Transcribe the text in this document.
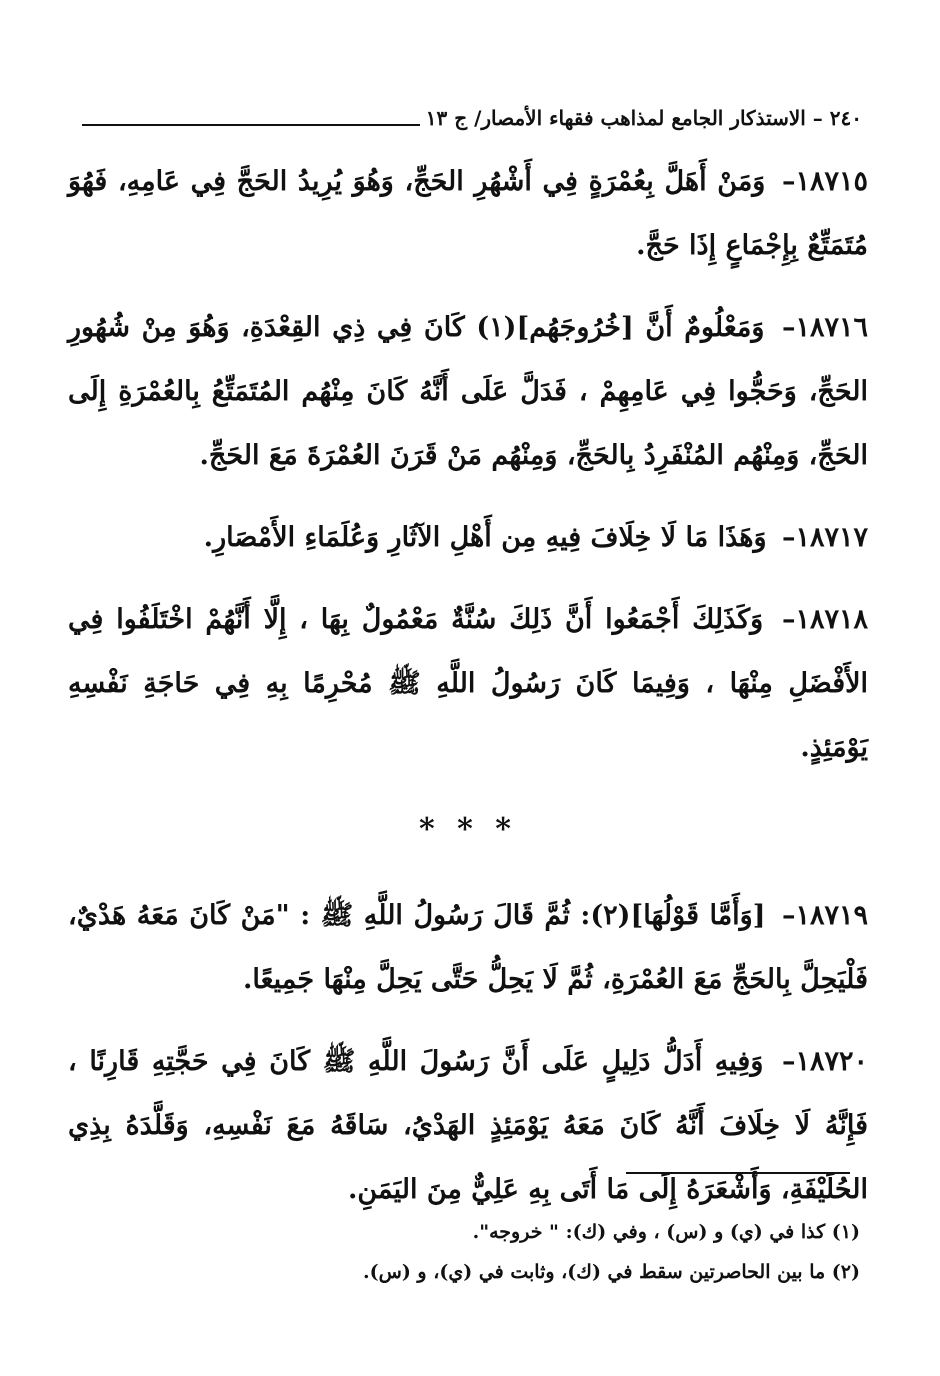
٢٤٠ – الاستذكار الجامع لمذاهب فقهاء الأمصار/ ج ١٣

١٨٧١٥– وَمَنْ أَهَلَّ بِعُمْرَةٍ فِي أَشْهُرِ الحَجِّ، وَهُوَ يُرِيدُ الحَجَّ فِي عَامِهِ، فَهُوَ مُتَمَتِّعٌ بِإِجْمَاعٍ إِذَا حَجَّ.

١٨٧١٦– وَمَعْلُومٌ أَنَّ [خُرُوجَهُم](١) كَانَ فِي ذِي القِعْدَةِ، وَهُوَ مِنْ شُهُورِ الحَجِّ، وَحَجُّوا فِي عَامِهِمْ ، فَدَلَّ عَلَى أَنَّهُ كَانَ مِنْهُم المُتَمَتِّعُ بِالعُمْرَةِ إِلَى الحَجِّ، وَمِنْهُم المُنْفَرِدُ بِالحَجِّ، وَمِنْهُم مَنْ قَرَنَ العُمْرَةَ مَعَ الحَجِّ.

١٨٧١٧– وَهَذَا مَا لَا خِلَافَ فِيهِ مِن أَهْلِ الآثَارِ وَعُلَمَاءِ الأَمْصَارِ.

١٨٧١٨– وَكَذَلِكَ أَجْمَعُوا أَنَّ ذَلِكَ سُنَّةٌ مَعْمُولٌ بِهَا ، إِلَّا أَنَّهُمْ اخْتَلَفُوا فِي الأَفْضَلِ مِنْهَا ، وَفِيمَا كَانَ رَسُولُ اللَّهِ ﷺ مُحْرِمًا بِهِ فِي حَاجَةِ نَفْسِهِ يَوْمَئِذٍ.

* * *

١٨٧١٩– [وَأَمَّا قَوْلُهَا](٢): ثُمَّ قَالَ رَسُولُ اللَّهِ ﷺ : "مَنْ كَانَ مَعَهُ هَدْيٌ، فَلْيَحِلَّ بِالحَجِّ مَعَ العُمْرَةِ، ثُمَّ لَا يَحِلُّ حَتَّى يَحِلَّ مِنْهَا جَمِيعًا.

١٨٧٢٠– وَفِيهِ أَدَلُّ دَلِيلٍ عَلَى أَنَّ رَسُولَ اللَّهِ ﷺ كَانَ فِي حَجَّتِهِ قَارِنًا ، فَإِنَّهُ لَا خِلَافَ أَنَّهُ كَانَ مَعَهُ يَوْمَئِذٍ الهَدْيُ، سَاقَهُ مَعَ نَفْسِهِ، وَقَلَّدَهُ بِذِي الحُلَيْفَةِ، وَأَشْعَرَهُ إِلَى مَا أَتَى بِهِ عَلِيٌّ مِنَ اليَمَنِ.

(١) كذا في (ي) و (س) ، وفي (ك): " خروجه".

(٢) ما بين الحاصرتين سقط في (ك)، وثابت في (ي)، و (س).
